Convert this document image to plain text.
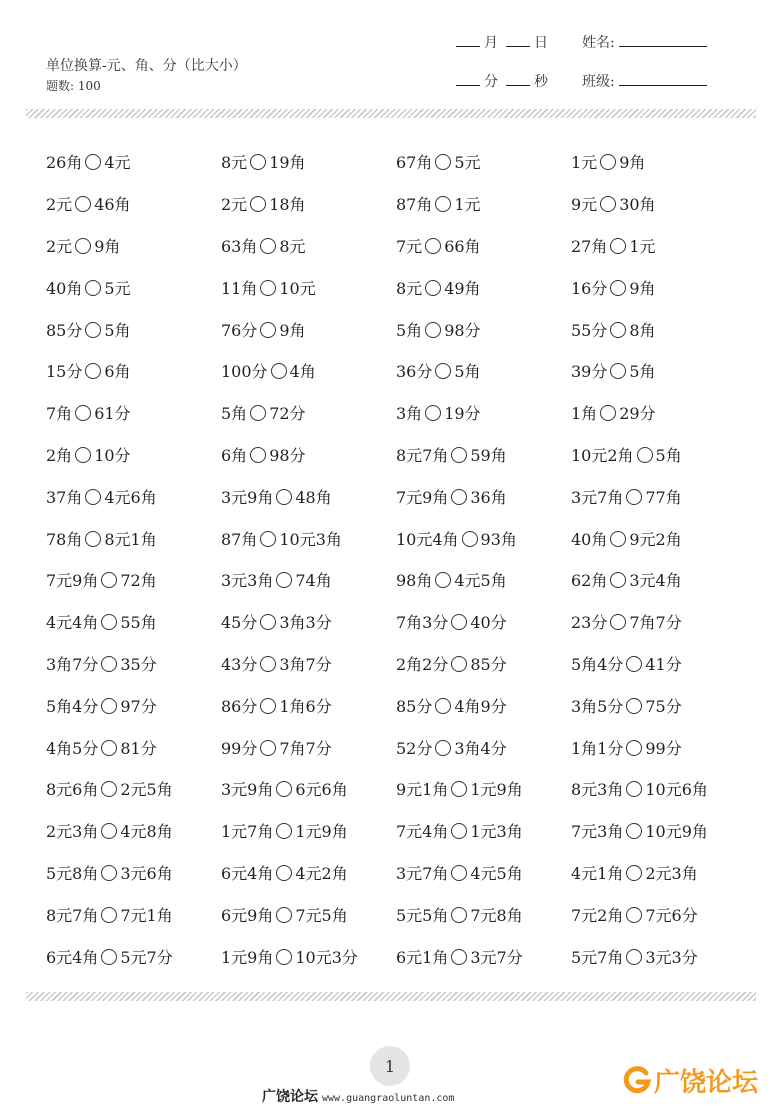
单位换算-元、角、分（比大小）
题数: 100
月	日 姓名:
分	秒 班级:
26角 4元	8元 19角	67角 5元	1元 9角
2元 46角	2元 18角	87角 1元	9元 30角
2元 9角	63角 8元	7元 66角	27角 1元
40角 5元	11角 10元	8元 49角	16分 9角
85分 5角	76分 9角	5角 98分	55分 8角
15分 6角	100分 4角	36分 5角	39分 5角
7角 61分	5角 72分	3角 19分	1角 29分
2角 10分	6角 98分	8元7角 59角	10元2角 5角
37角 4元6角	3元9角 48角	7元9角 36角	3元7角 77角
78角 8元1角	87角 10元3角	10元4角 93角	40角 9元2角
7元9角 72角	3元3角 74角	98角 4元5角	62角 3元4角
4元4角 55角	45分 3角3分	7角3分 40分	23分 7角7分
3角7分 35分	43分 3角7分	2角2分 85分	5角4分 41分
5角4分 97分	86分 1角6分	85分 4角9分	3角5分 75分
4角5分 81分	99分 7角7分	52分 3角4分	1角1分 99分
8元6角 2元5角	3元9角 6元6角	9元1角 1元9角	8元3角 10元6角
2元3角 4元8角	1元7角 1元9角	7元4角 1元3角	7元3角 10元9角
5元8角 3元6角	6元4角 4元2角	3元7角 4元5角	4元1角 2元3角
8元7角 7元1角	6元9角 7元5角	5元5角 7元8角	7元2角 7元6分
6元4角 5元7分	1元9角 10元3分	6元1角 3元7分	5元7角 3元3分
1
广饶论坛 www.guangraoluntan.com
广饶论坛
